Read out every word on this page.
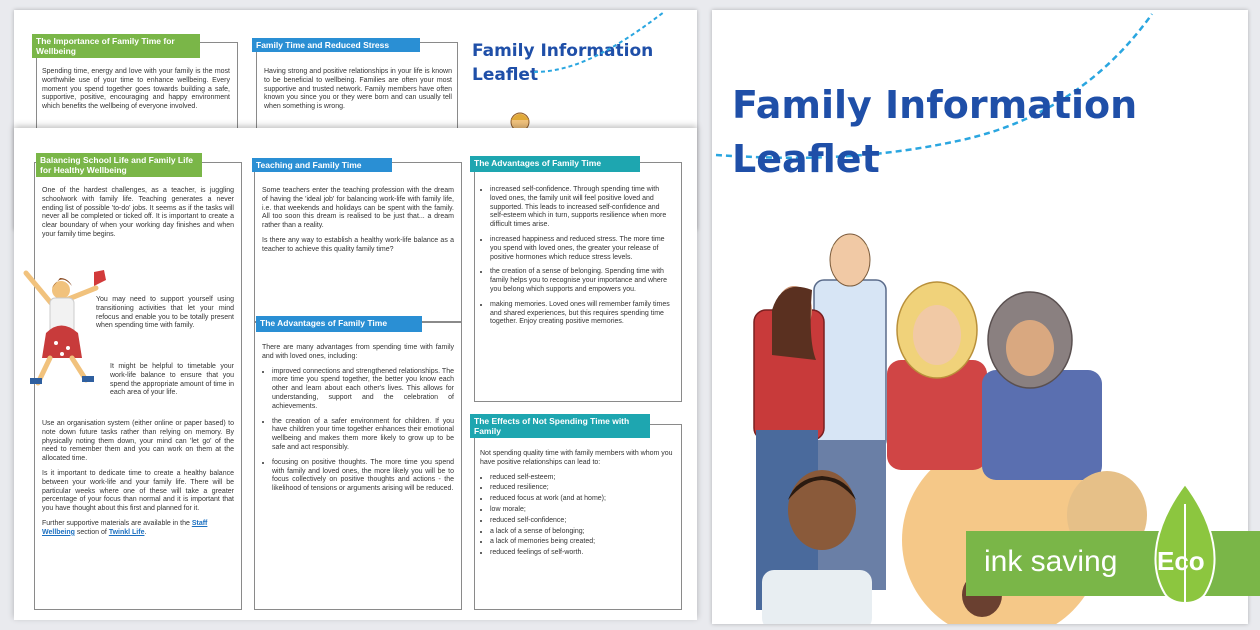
The Importance of Family Time for Wellbeing
Spending time, energy and love with your family is the most worthwhile use of your time to enhance wellbeing. Every moment you spend together goes towards building a safe, supportive, positive, encouraging and happy environment which benefits the wellbeing of everyone involved.
Family Time and Reduced Stress
Having strong and positive relationships in your life is known to be beneficial to wellbeing. Families are often your most supportive and trusted network. Family members have often known you since you or they were born and can usually tell when something is wrong.
Family Information
Leaflet
Balancing School Life and Family Life for Healthy Wellbeing
One of the hardest challenges, as a teacher, is juggling schoolwork with family life. Teaching generates a never ending list of possible 'to-do' jobs. It seems as if the tasks will never all be completed or ticked off. It is important to create a clear boundary of when your working day finishes and when your family time begins.
You may need to support yourself using transitioning activities that let your mind refocus and enable you to be totally present when spending time with family.
It might be helpful to timetable your work-life balance to ensure that you spend the appropriate amount of time in each area of your life.

Use an organisation system (either online or paper based) to note down future tasks rather than relying on memory. By physically noting them down, your mind can 'let go' of the need to remember them and you can work on them at the allocated time.

Is it important to dedicate time to create a healthy balance between your work-life and your family life. There will be particular weeks where one of these will take a greater percentage of your focus than normal and it is important that you have thought about this first and planned for it.

Further supportive materials are available in the Staff Wellbeing section of Twinkl Life.

Teaching and Family Time

Some teachers enter the teaching profession with the dream of having the 'ideal job' for balancing work-life with family life, i.e. that weekends and holidays can be spent with the family. All too soon this dream is realised to be just that... a dream rather than a reality.

Is there any way to establish a healthy work-life balance as a teacher to achieve this quality family time?

The Advantages of Family Time

There are many advantages from spending time with family and with loved ones, including:

• improved connections and strengthened relationships. The more time you spend together, the better you know each other and learn about each other's lives. This allows for understanding, support and the celebration of achievements.
• the creation of a safer environment for children. If you have children your time together enhances their emotional wellbeing and makes them more likely to grow up to be safe and act responsibly.
• focusing on positive thoughts. The more time you spend with family and loved ones, the more likely you will be to focus collectively on positive thoughts and actions - the likelihood of tensions or arguments arising will be reduced.
The Advantages of Family Time
• increased self-confidence. Through spending time with loved ones, the family unit will feel positive loved and supported. This leads to increased self-confidence and self-esteem which in turn, supports resilience when more difficult times arise.
• increased happiness and reduced stress. The more time you spend with loved ones, the greater your release of positive hormones which reduce stress levels.
• the creation of a sense of belonging. Spending time with family helps you to recognise your importance and where you belong which supports and empowers you.
• making memories. Loved ones will remember family times and shared experiences, but this requires spending time together. Enjoy creating positive memories.
The Effects of Not Spending Time with Family

Not spending quality time with family members with whom you have positive relationships can lead to:

• reduced self-esteem;
• reduced resilience;
• reduced focus at work (and at home);
• low morale;
• reduced self-confidence;
• a lack of a sense of belonging;
• a lack of memories being created;
• reduced feelings of self-worth.
Family Information
Leaflet
ink saving Eco
